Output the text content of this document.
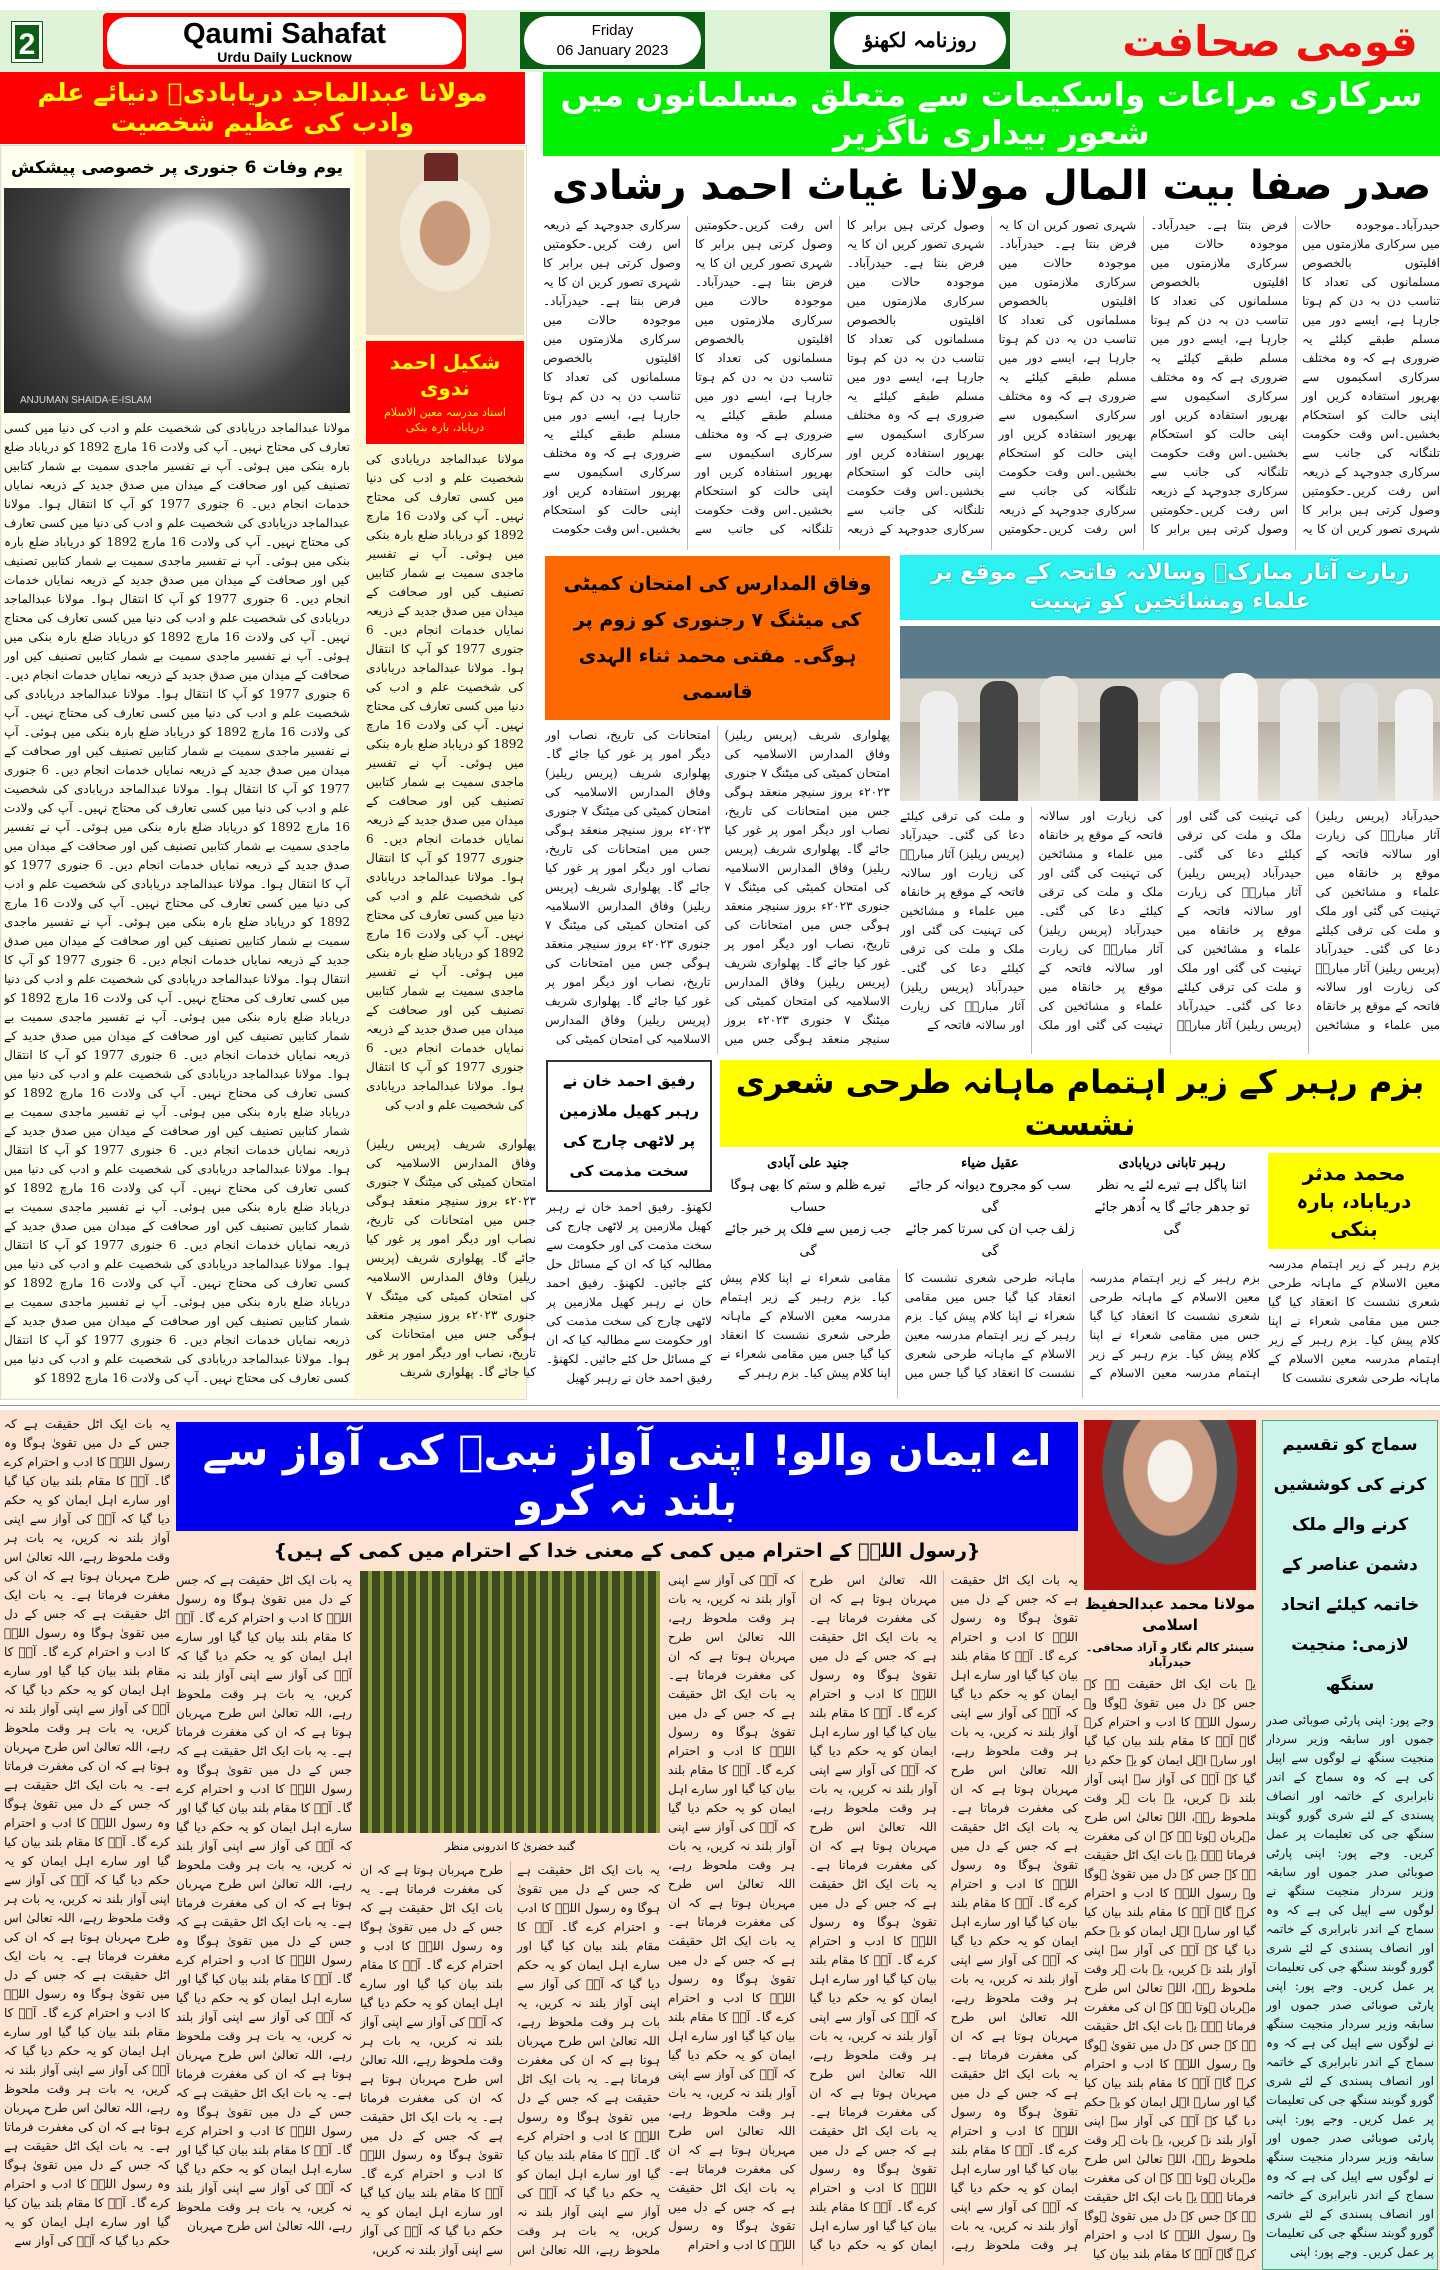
2	Qaumi Sahafat
Urdu Daily Lucknow
Friday
06 January 2023	روزنامہ لکھنؤ	قومی صحافت
مولانا عبدالماجد دریابادیؒ دنیائے علم وادب کی عظیم شخصیت
یوم وفات 6 جنوری پر خصوصی پیشکش
ANJUMAN SHAIDA-E-ISLAM
مولانا عبدالماجد دریابادی کی شخصیت علم و ادب کی دنیا میں کسی تعارف کی محتاج نہیں۔ آپ کی ولادت 16 مارچ 1892 کو دریاباد ضلع بارہ بنکی میں ہوئی۔ آپ نے تفسیر ماجدی سمیت بے شمار کتابیں تصنیف کیں اور صحافت کے میدان میں صدق جدید کے ذریعہ نمایاں خدمات انجام دیں۔ 6 جنوری 1977 کو آپ کا انتقال ہوا۔ مولانا عبدالماجد دریابادی کی شخصیت علم و ادب کی دنیا میں کسی تعارف کی محتاج نہیں۔ آپ کی ولادت 16 مارچ 1892 کو دریاباد ضلع بارہ بنکی میں ہوئی۔ آپ نے تفسیر ماجدی سمیت بے شمار کتابیں تصنیف کیں اور صحافت کے میدان میں صدق جدید کے ذریعہ نمایاں خدمات انجام دیں۔ 6 جنوری 1977 کو آپ کا انتقال ہوا۔ مولانا عبدالماجد دریابادی کی شخصیت علم و ادب کی دنیا میں کسی تعارف کی محتاج نہیں۔ آپ کی ولادت 16 مارچ 1892 کو دریاباد ضلع بارہ بنکی میں ہوئی۔ آپ نے تفسیر ماجدی سمیت بے شمار کتابیں تصنیف کیں اور صحافت کے میدان میں صدق جدید کے ذریعہ نمایاں خدمات انجام دیں۔ 6 جنوری 1977 کو آپ کا انتقال ہوا۔ مولانا عبدالماجد دریابادی کی شخصیت علم و ادب کی دنیا میں کسی تعارف کی محتاج نہیں۔ آپ کی ولادت 16 مارچ 1892 کو دریاباد ضلع بارہ بنکی میں ہوئی۔ آپ نے تفسیر ماجدی سمیت بے شمار کتابیں تصنیف کیں اور صحافت کے میدان میں صدق جدید کے ذریعہ نمایاں خدمات انجام دیں۔ 6 جنوری 1977 کو آپ کا انتقال ہوا۔ مولانا عبدالماجد دریابادی کی شخصیت علم و ادب کی دنیا میں کسی تعارف کی محتاج نہیں۔ آپ کی ولادت 16 مارچ 1892 کو دریاباد ضلع بارہ بنکی میں ہوئی۔ آپ نے تفسیر ماجدی سمیت بے شمار کتابیں تصنیف کیں اور صحافت کے میدان میں صدق جدید کے ذریعہ نمایاں خدمات انجام دیں۔ 6 جنوری 1977 کو آپ کا انتقال ہوا۔ مولانا عبدالماجد دریابادی کی شخصیت علم و ادب کی دنیا میں کسی تعارف کی محتاج نہیں۔ آپ کی ولادت 16 مارچ 1892 کو دریاباد ضلع بارہ بنکی میں ہوئی۔ آپ نے تفسیر ماجدی سمیت بے شمار کتابیں تصنیف کیں اور صحافت کے میدان میں صدق جدید کے ذریعہ نمایاں خدمات انجام دیں۔ 6 جنوری 1977 کو آپ کا انتقال ہوا۔ مولانا عبدالماجد دریابادی کی شخصیت علم و ادب کی دنیا میں کسی تعارف کی محتاج نہیں۔ آپ کی ولادت 16 مارچ 1892 کو دریاباد ضلع بارہ بنکی میں ہوئی۔ آپ نے تفسیر ماجدی سمیت بے شمار کتابیں تصنیف کیں اور صحافت کے میدان میں صدق جدید کے ذریعہ نمایاں خدمات انجام دیں۔ 6 جنوری 1977 کو آپ کا انتقال ہوا۔ مولانا عبدالماجد دریابادی کی شخصیت علم و ادب کی دنیا میں کسی تعارف کی محتاج نہیں۔ آپ کی ولادت 16 مارچ 1892 کو دریاباد ضلع بارہ بنکی میں ہوئی۔ آپ نے تفسیر ماجدی سمیت بے شمار کتابیں تصنیف کیں اور صحافت کے میدان میں صدق جدید کے ذریعہ نمایاں خدمات انجام دیں۔ 6 جنوری 1977 کو آپ کا انتقال ہوا۔ مولانا عبدالماجد دریابادی کی شخصیت علم و ادب کی دنیا میں کسی تعارف کی محتاج نہیں۔ آپ کی ولادت 16 مارچ 1892 کو دریاباد ضلع بارہ بنکی میں ہوئی۔ آپ نے تفسیر ماجدی سمیت بے شمار کتابیں تصنیف کیں اور صحافت کے میدان میں صدق جدید کے ذریعہ نمایاں خدمات انجام دیں۔ 6 جنوری 1977 کو آپ کا انتقال ہوا۔ مولانا عبدالماجد دریابادی کی شخصیت علم و ادب کی دنیا میں کسی تعارف کی محتاج نہیں۔ آپ کی ولادت 16 مارچ 1892 کو دریاباد ضلع بارہ بنکی میں ہوئی۔ آپ نے تفسیر ماجدی سمیت بے شمار کتابیں تصنیف کیں اور صحافت کے میدان میں صدق جدید کے ذریعہ نمایاں خدمات انجام دیں۔ 6 جنوری 1977 کو آپ کا انتقال ہوا۔ مولانا عبدالماجد دریابادی کی شخصیت علم و ادب کی دنیا میں کسی تعارف کی محتاج نہیں۔ آپ کی ولادت 16 مارچ 1892 کو
شکیل احمد ندوی
استاد مدرسہ معین الاسلام دریاباد، بارہ بنکی
مولانا عبدالماجد دریابادی کی شخصیت علم و ادب کی دنیا میں کسی تعارف کی محتاج نہیں۔ آپ کی ولادت 16 مارچ 1892 کو دریاباد ضلع بارہ بنکی میں ہوئی۔ آپ نے تفسیر ماجدی سمیت بے شمار کتابیں تصنیف کیں اور صحافت کے میدان میں صدق جدید کے ذریعہ نمایاں خدمات انجام دیں۔ 6 جنوری 1977 کو آپ کا انتقال ہوا۔ مولانا عبدالماجد دریابادی کی شخصیت علم و ادب کی دنیا میں کسی تعارف کی محتاج نہیں۔ آپ کی ولادت 16 مارچ 1892 کو دریاباد ضلع بارہ بنکی میں ہوئی۔ آپ نے تفسیر ماجدی سمیت بے شمار کتابیں تصنیف کیں اور صحافت کے میدان میں صدق جدید کے ذریعہ نمایاں خدمات انجام دیں۔ 6 جنوری 1977 کو آپ کا انتقال ہوا۔ مولانا عبدالماجد دریابادی کی شخصیت علم و ادب کی دنیا میں کسی تعارف کی محتاج نہیں۔ آپ کی ولادت 16 مارچ 1892 کو دریاباد ضلع بارہ بنکی میں ہوئی۔ آپ نے تفسیر ماجدی سمیت بے شمار کتابیں تصنیف کیں اور صحافت کے میدان میں صدق جدید کے ذریعہ نمایاں خدمات انجام دیں۔ 6 جنوری 1977 کو آپ کا انتقال ہوا۔ مولانا عبدالماجد دریابادی کی شخصیت علم و ادب کی
سرکاری مراعات واسکیمات سے متعلق مسلمانوں میں شعور بیداری ناگزیر
صدر صفا بیت المال مولانا غیاث احمد رشادی
حیدرآباد۔موجودہ حالات میں سرکاری ملازمتوں میں اقلیتوں بالخصوص مسلمانوں کی تعداد کا تناسب دن بہ دن کم ہوتا جارہا ہے، ایسے دور میں مسلم طبقے کیلئے یہ ضروری ہے کہ وہ مختلف سرکاری اسکیموں سے بھرپور استفادہ کریں اور اپنی حالت کو استحکام بخشیں۔اس وقت حکومت تلنگانہ کی جانب سے سرکاری جدوجہد کے ذریعہ اس رفت کریں۔حکومتیں وصول کرتی ہیں برابر کا شہری تصور کریں ان کا یہ فرض بنتا ہے۔ حیدرآباد۔موجودہ حالات میں سرکاری ملازمتوں میں اقلیتوں بالخصوص مسلمانوں کی تعداد کا تناسب دن بہ دن کم ہوتا جارہا ہے، ایسے دور میں مسلم طبقے کیلئے یہ ضروری ہے کہ وہ مختلف سرکاری اسکیموں سے بھرپور استفادہ کریں اور اپنی حالت کو استحکام بخشیں۔اس وقت حکومت تلنگانہ کی جانب سے سرکاری جدوجہد کے ذریعہ اس رفت کریں۔حکومتیں وصول کرتی ہیں برابر کا شہری تصور کریں ان کا یہ فرض بنتا ہے۔ حیدرآباد۔موجودہ حالات میں سرکاری ملازمتوں میں اقلیتوں بالخصوص مسلمانوں کی تعداد کا تناسب دن بہ دن کم ہوتا جارہا ہے، ایسے دور میں مسلم طبقے کیلئے یہ ضروری ہے کہ وہ مختلف سرکاری اسکیموں سے بھرپور استفادہ کریں اور اپنی حالت کو استحکام بخشیں۔اس وقت حکومت تلنگانہ کی جانب سے سرکاری جدوجہد کے ذریعہ اس رفت کریں۔حکومتیں وصول کرتی ہیں برابر کا شہری تصور کریں ان کا یہ فرض بنتا ہے۔ حیدرآباد۔موجودہ حالات میں سرکاری ملازمتوں میں اقلیتوں بالخصوص مسلمانوں کی تعداد کا تناسب دن بہ دن کم ہوتا جارہا ہے، ایسے دور میں مسلم طبقے کیلئے یہ ضروری ہے کہ وہ مختلف سرکاری اسکیموں سے بھرپور استفادہ کریں اور اپنی حالت کو استحکام بخشیں۔اس وقت حکومت تلنگانہ کی جانب سے سرکاری جدوجہد کے ذریعہ اس رفت کریں۔حکومتیں وصول کرتی ہیں برابر کا شہری تصور کریں ان کا یہ فرض بنتا ہے۔ حیدرآباد۔موجودہ حالات میں سرکاری ملازمتوں میں اقلیتوں بالخصوص مسلمانوں کی تعداد کا تناسب دن بہ دن کم ہوتا جارہا ہے، ایسے دور میں مسلم طبقے کیلئے یہ ضروری ہے کہ وہ مختلف سرکاری اسکیموں سے بھرپور استفادہ کریں اور اپنی حالت کو استحکام بخشیں۔اس وقت حکومت تلنگانہ کی جانب سے سرکاری جدوجہد کے ذریعہ اس رفت کریں۔حکومتیں وصول کرتی ہیں برابر کا شہری تصور کریں ان کا یہ فرض بنتا ہے۔ حیدرآباد۔موجودہ حالات میں سرکاری ملازمتوں میں اقلیتوں بالخصوص مسلمانوں کی تعداد کا تناسب دن بہ دن کم ہوتا جارہا ہے، ایسے دور میں مسلم طبقے کیلئے یہ ضروری ہے کہ وہ مختلف سرکاری اسکیموں سے بھرپور استفادہ کریں اور اپنی حالت کو استحکام بخشیں۔اس وقت حکومت
وفاق المدارس کی امتحان کمیٹی کی میٹنگ ۷ رجنوری کو زوم پر ہوگی۔ مفتی محمد ثناء الہدی قاسمی
پھلواری شریف (پریس ریلیز) وفاق المدارس الاسلامیہ کی امتحان کمیٹی کی میٹنگ ۷ جنوری ۲۰۲۳ء بروز سنیچر منعقد ہوگی جس میں امتحانات کی تاریخ، نصاب اور دیگر امور پر غور کیا جائے گا۔ پھلواری شریف (پریس ریلیز) وفاق المدارس الاسلامیہ کی امتحان کمیٹی کی میٹنگ ۷ جنوری ۲۰۲۳ء بروز سنیچر منعقد ہوگی جس میں امتحانات کی تاریخ، نصاب اور دیگر امور پر غور کیا جائے گا۔ پھلواری شریف (پریس ریلیز) وفاق المدارس الاسلامیہ کی امتحان کمیٹی کی میٹنگ ۷ جنوری ۲۰۲۳ء بروز سنیچر منعقد ہوگی جس میں امتحانات کی تاریخ، نصاب اور دیگر امور پر غور کیا جائے گا۔ پھلواری شریف (پریس ریلیز) وفاق المدارس الاسلامیہ کی امتحان کمیٹی کی میٹنگ ۷ جنوری ۲۰۲۳ء بروز سنیچر منعقد ہوگی جس میں امتحانات کی تاریخ، نصاب اور دیگر امور پر غور کیا جائے گا۔ پھلواری شریف (پریس ریلیز) وفاق المدارس الاسلامیہ کی امتحان کمیٹی کی میٹنگ ۷ جنوری ۲۰۲۳ء بروز سنیچر منعقد ہوگی جس میں امتحانات کی تاریخ، نصاب اور دیگر امور پر غور کیا جائے گا۔ پھلواری شریف (پریس ریلیز) وفاق المدارس الاسلامیہ کی امتحان کمیٹی کی
پھلواری شریف (پریس ریلیز) وفاق المدارس الاسلامیہ کی امتحان کمیٹی کی میٹنگ ۷ جنوری ۲۰۲۳ء بروز سنیچر منعقد ہوگی جس میں امتحانات کی تاریخ، نصاب اور دیگر امور پر غور کیا جائے گا۔ پھلواری شریف (پریس ریلیز) وفاق المدارس الاسلامیہ کی امتحان کمیٹی کی میٹنگ ۷ جنوری ۲۰۲۳ء بروز سنیچر منعقد ہوگی جس میں امتحانات کی تاریخ، نصاب اور دیگر امور پر غور کیا جائے گا۔ پھلواری شریف
زیارت آثار مبارکؐ وسالانہ فاتحہ کے موقع پر علماء ومشائخین کو تہنیت
حیدرآباد (پریس ریلیز) آثار مبارکؐ کی زیارت اور سالانہ فاتحہ کے موقع پر خانقاہ میں علماء و مشائخین کی تہنیت کی گئی اور ملک و ملت کی ترقی کیلئے دعا کی گئی۔ حیدرآباد (پریس ریلیز) آثار مبارکؐ کی زیارت اور سالانہ فاتحہ کے موقع پر خانقاہ میں علماء و مشائخین کی تہنیت کی گئی اور ملک و ملت کی ترقی کیلئے دعا کی گئی۔ حیدرآباد (پریس ریلیز) آثار مبارکؐ کی زیارت اور سالانہ فاتحہ کے موقع پر خانقاہ میں علماء و مشائخین کی تہنیت کی گئی اور ملک و ملت کی ترقی کیلئے دعا کی گئی۔ حیدرآباد (پریس ریلیز) آثار مبارکؐ کی زیارت اور سالانہ فاتحہ کے موقع پر خانقاہ میں علماء و مشائخین کی تہنیت کی گئی اور ملک و ملت کی ترقی کیلئے دعا کی گئی۔ حیدرآباد (پریس ریلیز) آثار مبارکؐ کی زیارت اور سالانہ فاتحہ کے موقع پر خانقاہ میں علماء و مشائخین کی تہنیت کی گئی اور ملک و ملت کی ترقی کیلئے دعا کی گئی۔ حیدرآباد (پریس ریلیز) آثار مبارکؐ کی زیارت اور سالانہ فاتحہ کے موقع پر خانقاہ میں علماء و مشائخین کی تہنیت کی گئی اور ملک و ملت کی ترقی کیلئے دعا کی گئی۔ حیدرآباد (پریس ریلیز) آثار مبارکؐ کی زیارت اور سالانہ فاتحہ کے
رفیق احمد خان نے رہبر کھیل ملازمین پر لاٹھی چارج کی سخت مذمت کی
لکھنؤ۔ رفیق احمد خان نے رہبر کھیل ملازمین پر لاٹھی چارج کی سخت مذمت کی اور حکومت سے مطالبہ کیا کہ ان کے مسائل حل کئے جائیں۔ لکھنؤ۔ رفیق احمد خان نے رہبر کھیل ملازمین پر لاٹھی چارج کی سخت مذمت کی اور حکومت سے مطالبہ کیا کہ ان کے مسائل حل کئے جائیں۔ لکھنؤ۔ رفیق احمد خان نے رہبر کھیل
بزم رہبر کے زیر اہتمام ماہانہ طرحی شعری نشست
محمد مدثر دریاباد، بارہ بنکی
بزم رہبر کے زیر اہتمام مدرسہ معین الاسلام کے ماہانہ طرحی شعری نشست کا انعقاد کیا گیا جس میں مقامی شعراء نے اپنا کلام پیش کیا۔ بزم رہبر کے زیر اہتمام مدرسہ معین الاسلام کے ماہانہ طرحی شعری نشست کا
رہبر تابانی دریابادی
اتنا پاگل ہے تیرے لئے یہ نظر
تو جدھر جائے گا یہ اُدھر جائے گی
عقیل ضیاء
سب کو مجروح دیوانہ کر جائے گی
زلف جب ان کی سرتا کمر جائے گی
جنید علی آبادی
تیرے ظلم و ستم کا بھی ہوگا حساب
جب زمیں سے فلک پر خبر جائے گی
بزم رہبر کے زیر اہتمام مدرسہ معین الاسلام کے ماہانہ طرحی شعری نشست کا انعقاد کیا گیا جس میں مقامی شعراء نے اپنا کلام پیش کیا۔ بزم رہبر کے زیر اہتمام مدرسہ معین الاسلام کے ماہانہ طرحی شعری نشست کا انعقاد کیا گیا جس میں مقامی شعراء نے اپنا کلام پیش کیا۔ بزم رہبر کے زیر اہتمام مدرسہ معین الاسلام کے ماہانہ طرحی شعری نشست کا انعقاد کیا گیا جس میں مقامی شعراء نے اپنا کلام پیش کیا۔ بزم رہبر کے زیر اہتمام مدرسہ معین الاسلام کے ماہانہ طرحی شعری نشست کا انعقاد کیا گیا جس میں مقامی شعراء نے اپنا کلام پیش کیا۔ بزم رہبر کے
یہ بات ایک اٹل حقیقت ہے کہ جس کے دل میں تقویٰ ہوگا وہ رسول اللہؐ کا ادب و احترام کرے گا۔ آپؐ کا مقام بلند بیان کیا گیا اور سارے اہل ایمان کو یہ حکم دیا گیا کہ آپؐ کی آواز سے اپنی آواز بلند نہ کریں، یہ بات ہر وقت ملحوظ رہے، اللہ تعالیٰ اس طرح مہربان ہوتا ہے کہ ان کی مغفرت فرماتا ہے۔ یہ بات ایک اٹل حقیقت ہے کہ جس کے دل میں تقویٰ ہوگا وہ رسول اللہؐ کا ادب و احترام کرے گا۔ آپؐ کا مقام بلند بیان کیا گیا اور سارے اہل ایمان کو یہ حکم دیا گیا کہ آپؐ کی آواز سے اپنی آواز بلند نہ کریں، یہ بات ہر وقت ملحوظ رہے، اللہ تعالیٰ اس طرح مہربان ہوتا ہے کہ ان کی مغفرت فرماتا ہے۔ یہ بات ایک اٹل حقیقت ہے کہ جس کے دل میں تقویٰ ہوگا وہ رسول اللہؐ کا ادب و احترام کرے گا۔ آپؐ کا مقام بلند بیان کیا گیا اور سارے اہل ایمان کو یہ حکم دیا گیا کہ آپؐ کی آواز سے اپنی آواز بلند نہ کریں، یہ بات ہر وقت ملحوظ رہے، اللہ تعالیٰ اس طرح مہربان ہوتا ہے کہ ان کی مغفرت فرماتا ہے۔ یہ بات ایک اٹل حقیقت ہے کہ جس کے دل میں تقویٰ ہوگا وہ رسول اللہؐ کا ادب و احترام کرے گا۔ آپؐ کا مقام بلند بیان کیا گیا اور سارے اہل ایمان کو یہ حکم دیا گیا کہ آپؐ کی آواز سے اپنی آواز بلند نہ کریں، یہ بات ہر وقت ملحوظ رہے، اللہ تعالیٰ اس طرح مہربان ہوتا ہے کہ ان کی مغفرت فرماتا ہے۔ یہ بات ایک اٹل حقیقت ہے کہ جس کے دل میں تقویٰ ہوگا وہ رسول اللہؐ کا ادب و احترام کرے گا۔ آپؐ کا مقام بلند بیان کیا گیا اور سارے اہل ایمان کو یہ حکم دیا گیا کہ آپؐ کی آواز سے
اے ایمان والو! اپنی آواز نبیؐ کی آواز سے بلند نہ کرو
{رسول اللہؐ کے احترام میں کمی کے معنی خدا کے احترام میں کمی کے ہیں}
یہ بات ایک اٹل حقیقت ہے کہ جس کے دل میں تقویٰ ہوگا وہ رسول اللہؐ کا ادب و احترام کرے گا۔ آپؐ کا مقام بلند بیان کیا گیا اور سارے اہل ایمان کو یہ حکم دیا گیا کہ آپؐ کی آواز سے اپنی آواز بلند نہ کریں، یہ بات ہر وقت ملحوظ رہے، اللہ تعالیٰ اس طرح مہربان ہوتا ہے کہ ان کی مغفرت فرماتا ہے۔ یہ بات ایک اٹل حقیقت ہے کہ جس کے دل میں تقویٰ ہوگا وہ رسول اللہؐ کا ادب و احترام کرے گا۔ آپؐ کا مقام بلند بیان کیا گیا اور سارے اہل ایمان کو یہ حکم دیا گیا کہ آپؐ کی آواز سے اپنی آواز بلند نہ کریں، یہ بات ہر وقت ملحوظ رہے، اللہ تعالیٰ اس طرح مہربان ہوتا ہے کہ ان کی مغفرت فرماتا ہے۔ یہ بات ایک اٹل حقیقت ہے کہ جس کے دل میں تقویٰ ہوگا وہ رسول اللہؐ کا ادب و احترام کرے گا۔ آپؐ کا مقام بلند بیان کیا گیا اور سارے اہل ایمان کو یہ حکم دیا گیا کہ آپؐ کی آواز سے اپنی آواز بلند نہ کریں، یہ بات ہر وقت ملحوظ رہے، اللہ تعالیٰ اس طرح مہربان ہوتا ہے کہ ان کی مغفرت فرماتا ہے۔ یہ بات ایک اٹل حقیقت ہے کہ جس کے دل میں تقویٰ ہوگا وہ رسول اللہؐ کا ادب و احترام کرے گا۔ آپؐ کا مقام بلند بیان کیا گیا اور سارے اہل ایمان کو یہ حکم دیا گیا کہ آپؐ کی آواز سے اپنی آواز بلند نہ کریں، یہ بات ہر وقت ملحوظ رہے، اللہ تعالیٰ اس طرح مہربان ہوتا ہے کہ ان کی مغفرت فرماتا ہے۔ یہ بات ایک اٹل حقیقت ہے کہ جس کے دل میں تقویٰ ہوگا وہ رسول اللہؐ کا ادب و احترام کرے گا۔ آپؐ کا مقام بلند بیان کیا گیا اور سارے اہل ایمان کو یہ حکم دیا گیا کہ آپؐ کی آواز سے اپنی آواز بلند نہ کریں، یہ بات ہر وقت ملحوظ رہے، اللہ تعالیٰ اس طرح مہربان ہوتا ہے کہ ان کی مغفرت فرماتا ہے۔ یہ بات ایک اٹل حقیقت ہے کہ جس کے دل میں تقویٰ ہوگا وہ رسول اللہؐ کا ادب و احترام کرے گا۔ آپؐ کا مقام بلند بیان کیا گیا اور سارے اہل ایمان کو یہ حکم دیا گیا کہ آپؐ کی آواز سے اپنی آواز بلند نہ کریں، یہ بات ہر وقت ملحوظ رہے، اللہ تعالیٰ اس طرح مہربان ہوتا ہے کہ ان کی مغفرت فرماتا ہے۔ یہ بات ایک اٹل حقیقت ہے کہ جس کے دل میں تقویٰ ہوگا وہ رسول اللہؐ کا ادب و احترام کرے گا۔ آپؐ کا مقام بلند بیان کیا گیا اور سارے اہل ایمان کو یہ حکم دیا گیا کہ آپؐ کی آواز سے اپنی آواز بلند نہ کریں، یہ بات ہر وقت ملحوظ رہے، اللہ تعالیٰ اس طرح مہربان ہوتا ہے کہ ان کی مغفرت فرماتا ہے۔ یہ بات ایک اٹل حقیقت ہے کہ جس کے دل میں تقویٰ ہوگا وہ رسول اللہؐ کا ادب و احترام کرے گا۔ آپؐ کا مقام بلند بیان کیا گیا اور سارے اہل ایمان کو یہ حکم دیا گیا کہ آپؐ کی آواز سے اپنی آواز بلند نہ کریں، یہ بات ہر وقت ملحوظ رہے، اللہ تعالیٰ اس طرح مہربان ہوتا ہے کہ ان کی مغفرت فرماتا ہے۔ یہ بات ایک اٹل حقیقت ہے کہ جس کے دل میں تقویٰ ہوگا وہ رسول اللہؐ کا ادب و احترام
گنبد خضریٰ کا اندرونی منظر
یہ بات ایک اٹل حقیقت ہے کہ جس کے دل میں تقویٰ ہوگا وہ رسول اللہؐ کا ادب و احترام کرے گا۔ آپؐ کا مقام بلند بیان کیا گیا اور سارے اہل ایمان کو یہ حکم دیا گیا کہ آپؐ کی آواز سے اپنی آواز بلند نہ کریں، یہ بات ہر وقت ملحوظ رہے، اللہ تعالیٰ اس طرح مہربان ہوتا ہے کہ ان کی مغفرت فرماتا ہے۔ یہ بات ایک اٹل حقیقت ہے کہ جس کے دل میں تقویٰ ہوگا وہ رسول اللہؐ کا ادب و احترام کرے گا۔ آپؐ کا مقام بلند بیان کیا گیا اور سارے اہل ایمان کو یہ حکم دیا گیا کہ آپؐ کی آواز سے اپنی آواز بلند نہ کریں، یہ بات ہر وقت ملحوظ رہے، اللہ تعالیٰ اس طرح مہربان ہوتا ہے کہ ان کی مغفرت فرماتا ہے۔ یہ بات ایک اٹل حقیقت ہے کہ جس کے دل میں تقویٰ ہوگا وہ رسول اللہؐ کا ادب و احترام کرے گا۔ آپؐ کا مقام بلند بیان کیا گیا اور سارے اہل ایمان کو یہ حکم دیا گیا کہ آپؐ کی آواز سے اپنی آواز بلند نہ کریں، یہ بات ہر وقت ملحوظ رہے، اللہ تعالیٰ اس طرح مہربان ہوتا ہے کہ ان کی مغفرت فرماتا ہے۔ یہ بات ایک اٹل حقیقت ہے کہ جس کے دل میں تقویٰ ہوگا وہ رسول اللہؐ کا ادب و احترام کرے گا۔ آپؐ کا مقام بلند بیان کیا گیا اور سارے اہل ایمان کو یہ حکم دیا گیا کہ آپؐ کی آواز سے اپنی آواز بلند نہ کریں،
یہ بات ایک اٹل حقیقت ہے کہ جس کے دل میں تقویٰ ہوگا وہ رسول اللہؐ کا ادب و احترام کرے گا۔ آپؐ کا مقام بلند بیان کیا گیا اور سارے اہل ایمان کو یہ حکم دیا گیا کہ آپؐ کی آواز سے اپنی آواز بلند نہ کریں، یہ بات ہر وقت ملحوظ رہے، اللہ تعالیٰ اس طرح مہربان ہوتا ہے کہ ان کی مغفرت فرماتا ہے۔ یہ بات ایک اٹل حقیقت ہے کہ جس کے دل میں تقویٰ ہوگا وہ رسول اللہؐ کا ادب و احترام کرے گا۔ آپؐ کا مقام بلند بیان کیا گیا اور سارے اہل ایمان کو یہ حکم دیا گیا کہ آپؐ کی آواز سے اپنی آواز بلند نہ کریں، یہ بات ہر وقت ملحوظ رہے، اللہ تعالیٰ اس طرح مہربان ہوتا ہے کہ ان کی مغفرت فرماتا ہے۔ یہ بات ایک اٹل حقیقت ہے کہ جس کے دل میں تقویٰ ہوگا وہ رسول اللہؐ کا ادب و احترام کرے گا۔ آپؐ کا مقام بلند بیان کیا گیا اور سارے اہل ایمان کو یہ حکم دیا گیا کہ آپؐ کی آواز سے اپنی آواز بلند نہ کریں، یہ بات ہر وقت ملحوظ رہے، اللہ تعالیٰ اس طرح مہربان ہوتا ہے کہ ان کی مغفرت فرماتا ہے۔ یہ بات ایک اٹل حقیقت ہے کہ جس کے دل میں تقویٰ ہوگا وہ رسول اللہؐ کا ادب و احترام کرے گا۔ آپؐ کا مقام بلند بیان کیا گیا اور سارے اہل ایمان کو یہ حکم دیا گیا کہ آپؐ کی آواز سے اپنی آواز بلند نہ کریں، یہ بات ہر وقت ملحوظ رہے، اللہ تعالیٰ اس طرح مہربان
مولانا محمد عبدالحفیظ اسلامی
سینئر کالم نگار و آزاد صحافی۔ حیدرآباد
یہ بات ایک اٹل حقیقت ہے کہ جس کے دل میں تقویٰ ہوگا وہ رسول اللہؐ کا ادب و احترام کرے گا۔ آپؐ کا مقام بلند بیان کیا گیا اور سارے اہل ایمان کو یہ حکم دیا گیا کہ آپؐ کی آواز سے اپنی آواز بلند نہ کریں، یہ بات ہر وقت ملحوظ رہے، اللہ تعالیٰ اس طرح مہربان ہوتا ہے کہ ان کی مغفرت فرماتا ہے۔ یہ بات ایک اٹل حقیقت ہے کہ جس کے دل میں تقویٰ ہوگا وہ رسول اللہؐ کا ادب و احترام کرے گا۔ آپؐ کا مقام بلند بیان کیا گیا اور سارے اہل ایمان کو یہ حکم دیا گیا کہ آپؐ کی آواز سے اپنی آواز بلند نہ کریں، یہ بات ہر وقت ملحوظ رہے، اللہ تعالیٰ اس طرح مہربان ہوتا ہے کہ ان کی مغفرت فرماتا ہے۔ یہ بات ایک اٹل حقیقت ہے کہ جس کے دل میں تقویٰ ہوگا وہ رسول اللہؐ کا ادب و احترام کرے گا۔ آپؐ کا مقام بلند بیان کیا گیا اور سارے اہل ایمان کو یہ حکم دیا گیا کہ آپؐ کی آواز سے اپنی آواز بلند نہ کریں، یہ بات ہر وقت ملحوظ رہے، اللہ تعالیٰ اس طرح مہربان ہوتا ہے کہ ان کی مغفرت فرماتا ہے۔ یہ بات ایک اٹل حقیقت ہے کہ جس کے دل میں تقویٰ ہوگا وہ رسول اللہؐ کا ادب و احترام کرے گا۔ آپؐ کا مقام بلند بیان کیا
سماج کو تقسیم کرنے کی کوششیں کرنے والے ملک دشمن عناصر کے خاتمہ کیلئے اتحاد لازمی: منجیت سنگھ
وجے پور: اپنی پارٹی صوبائی صدر جموں اور سابقہ وزیر سردار منجیت سنگھ نے لوگوں سے اپیل کی ہے کہ وہ سماج کے اندر نابرابری کے خاتمہ اور انصاف پسندی کے لئے شری گورو گوبند سنگھ جی کی تعلیمات پر عمل کریں۔ وجے پور: اپنی پارٹی صوبائی صدر جموں اور سابقہ وزیر سردار منجیت سنگھ نے لوگوں سے اپیل کی ہے کہ وہ سماج کے اندر نابرابری کے خاتمہ اور انصاف پسندی کے لئے شری گورو گوبند سنگھ جی کی تعلیمات پر عمل کریں۔ وجے پور: اپنی پارٹی صوبائی صدر جموں اور سابقہ وزیر سردار منجیت سنگھ نے لوگوں سے اپیل کی ہے کہ وہ سماج کے اندر نابرابری کے خاتمہ اور انصاف پسندی کے لئے شری گورو گوبند سنگھ جی کی تعلیمات پر عمل کریں۔ وجے پور: اپنی پارٹی صوبائی صدر جموں اور سابقہ وزیر سردار منجیت سنگھ نے لوگوں سے اپیل کی ہے کہ وہ سماج کے اندر نابرابری کے خاتمہ اور انصاف پسندی کے لئے شری گورو گوبند سنگھ جی کی تعلیمات پر عمل کریں۔ وجے پور: اپنی
